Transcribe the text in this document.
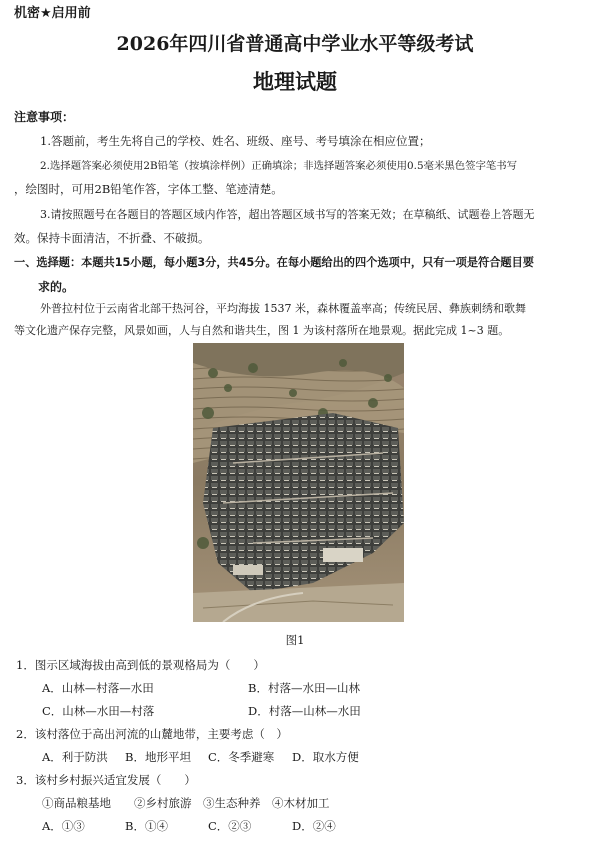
机密★启用前
2026年四川省普通高中学业水平等级考试
地理试题
注意事项：
1.答题前，考生先将自己的学校、姓名、班级、座号、考号填涂在相应位置；
2.选择题答案必须使用2B铅笔（按填涂样例）正确填涂；非选择题答案必须使用0.5毫米黑色签字笔书写
，绘图时，可用2B铅笔作答，字体工整、笔迹清楚。
3.请按照题号在各题目的答题区域内作答，超出答题区域书写的答案无效；在草稿纸、试题卷上答题无
效。保持卡面清洁，不折叠、不破损。
一、选择题：本题共15小题，每小题3分，共45分。在每小题给出的四个选项中，只有一项是符合题目要
求的。
外普拉村位于云南省北部干热河谷，平均海拔 1537 米，森林覆盖率高；传统民居、彝族刺绣和歌舞
等文化遗产保存完整，风景如画，人与自然和谐共生，图 1 为该村落所在地景观。据此完成 1~3 题。
图1
1．图示区域海拔由高到低的景观格局为（　　）
A．山林—村落—水田	B．村落—水田—山林
C．山林—水田—村落	D．村落—山林—水田
2．该村落位于高出河流的山麓地带，主要考虑（　）
A．利于防洪 B．地形平坦 C．冬季避寒 D．取水方便
3．该村乡村振兴适宜发展（　　）
①商品粮基地　　②乡村旅游　③生态种养　④木材加工
A．①③	B．①④	C．②③	D．②④
